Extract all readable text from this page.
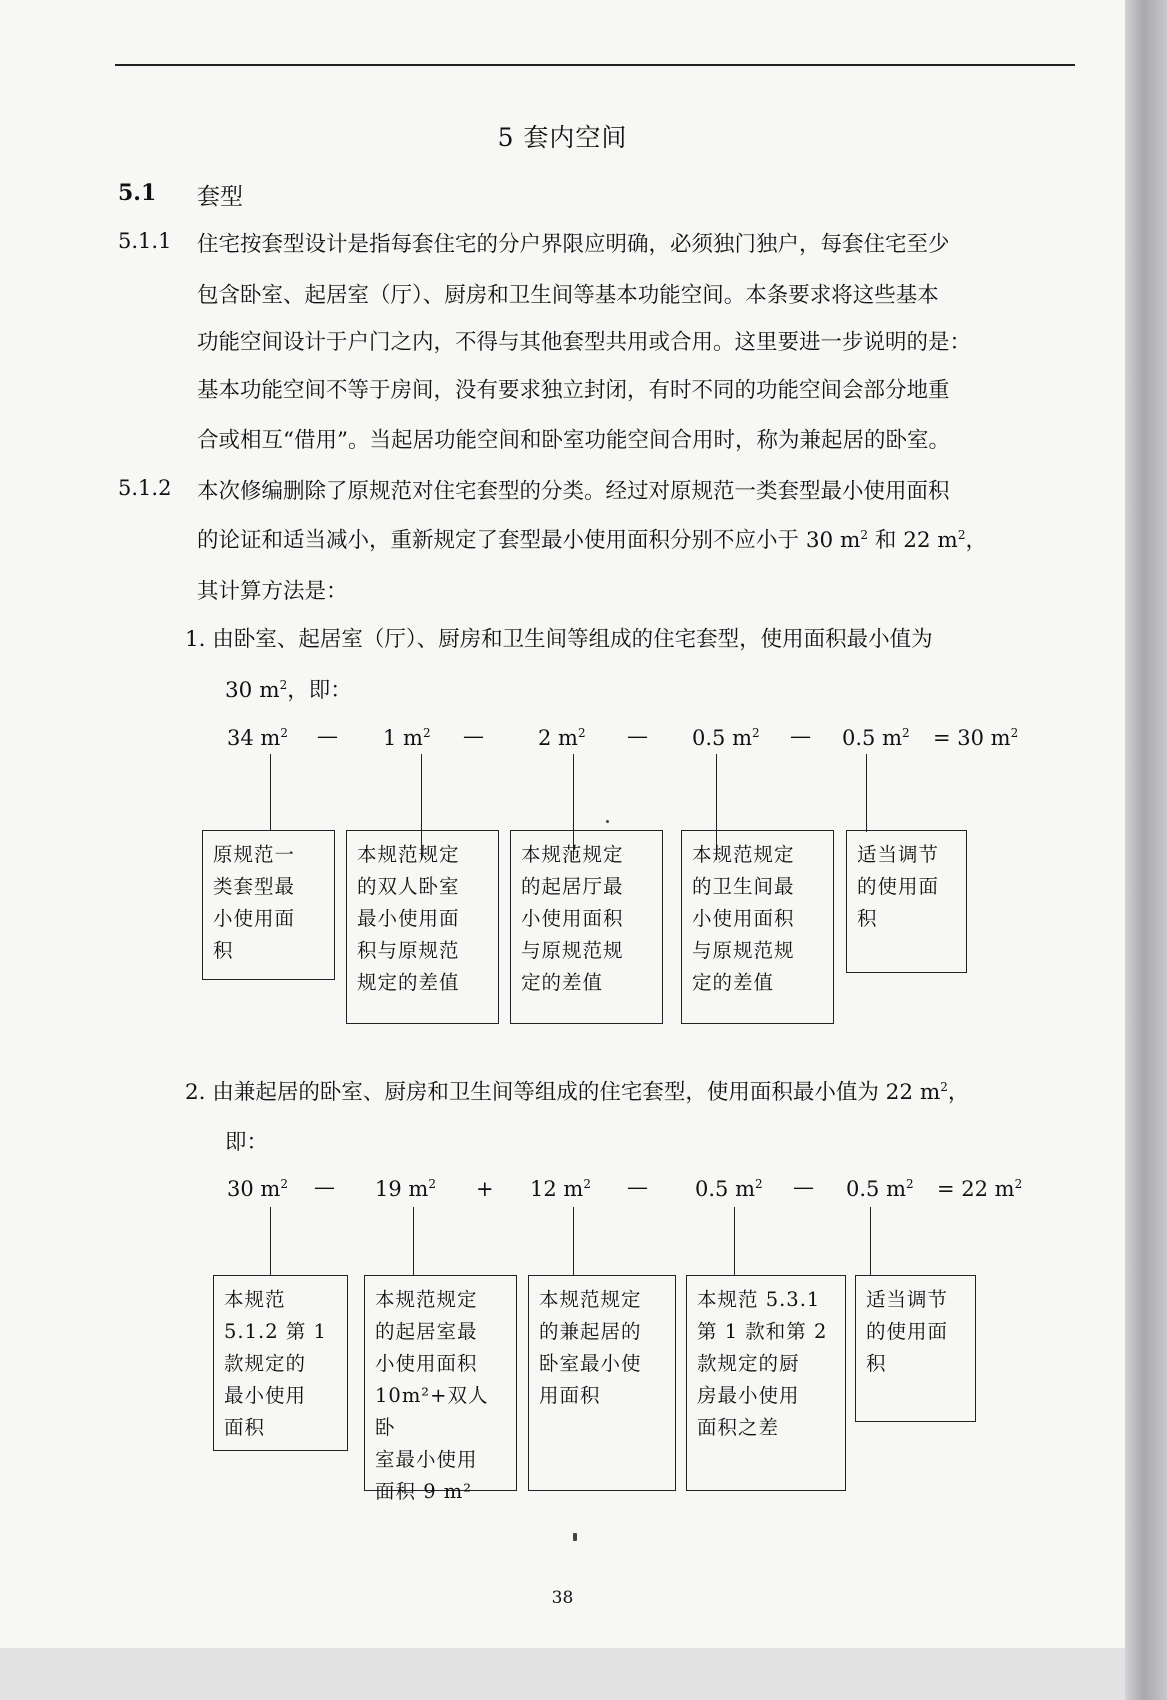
5 套内空间
5.1 套型
5.1.1 住宅按套型设计是指每套住宅的分户界限应明确，必须独门独户，每套住宅至少
包含卧室、起居室（厅）、厨房和卫生间等基本功能空间。本条要求将这些基本
功能空间设计于户门之内，不得与其他套型共用或合用。这里要进一步说明的是：
基本功能空间不等于房间，没有要求独立封闭，有时不同的功能空间会部分地重
合或相互“借用”。当起居功能空间和卧室功能空间合用时，称为兼起居的卧室。
5.1.2 本次修编删除了原规范对住宅套型的分类。经过对原规范一类套型最小使用面积
的论证和适当减小，重新规定了套型最小使用面积分别不应小于 30 $m^2$ 和 22 $m^2$，
其计算方法是：
1. 由卧室、起居室（厅）、厨房和卫生间等组成的住宅套型，使用面积最小值为
30 $m^2$，即：
34 $m^2$ — 1 $m^2$ —	2 $m^2$ — 0.5 $m^2$ — 0.5 $m^2 = 30$ $m^2$
原规范一
类套型最
小使用面
积
本规范规定
的双人卧室
最小使用面
积与原规范
规定的差值
本规范规定
的起居厅最
小使用面积
与原规范规
定的差值
本规范规定
的卫生间最
小使用面积
与原规范规
定的差值
适当调节
的使用面
积
2. 由兼起居的卧室、厨房和卫生间等组成的住宅套型，使用面积最小值为 22 $m^2$，
即：
30 $m^2$ — 19 $m^2 + 12$ $m^2$ — 0.5 $m^2$ — 0.5 $m^2 = 22$ $m^2$
本规范
5.1.2 第 1
款规定的
最小使用
面积
本规范规定
的起居室最
小使用面积
10m²+双人卧
室最小使用
面积 9 m²
本规范规定
的兼起居的
卧室最小使
用面积
本规范 5.3.1
第 1 款和第 2
款规定的厨
房最小使用
面积之差
适当调节
的使用面
积
38
